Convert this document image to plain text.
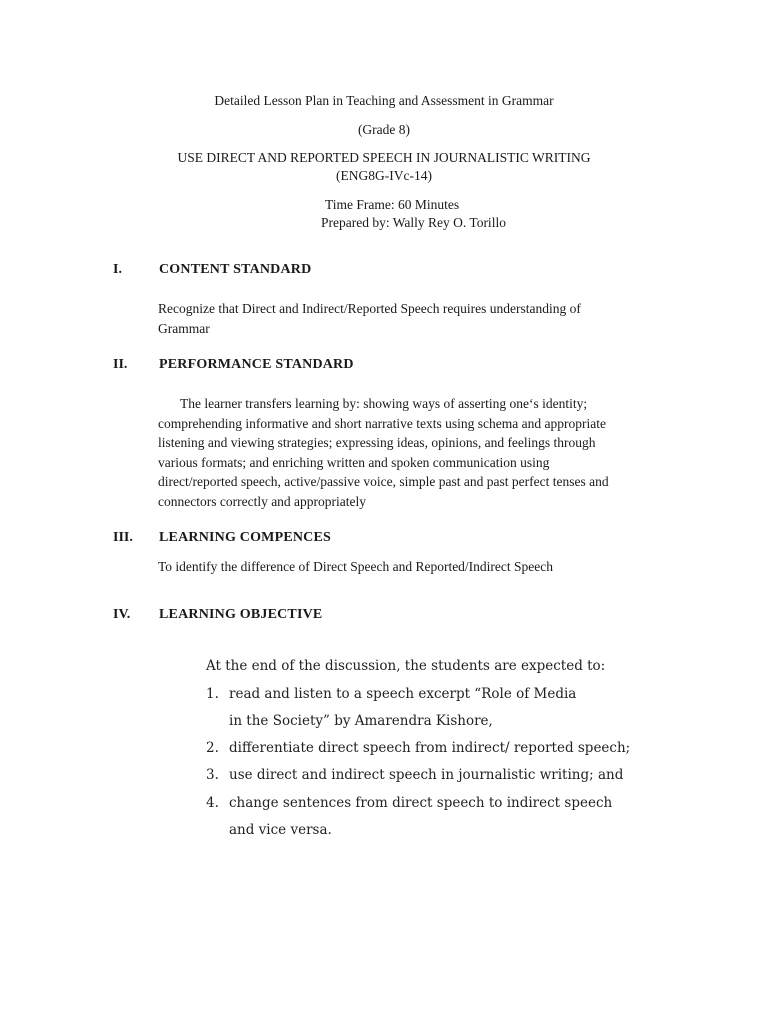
Detailed Lesson Plan in Teaching and Assessment in Grammar
(Grade 8)
USE DIRECT AND REPORTED SPEECH IN JOURNALISTIC WRITING
(ENG8G-IVc-14)
Time Frame: 60 Minutes
Prepared by: Wally Rey O. Torillo
I.	CONTENT STANDARD
Recognize that Direct and Indirect/Reported Speech requires understanding of
Grammar
II. PERFORMANCE STANDARD
The learner transfers learning by: showing ways of asserting one‘s identity;
comprehending informative and short narrative texts using schema and appropriate
listening and viewing strategies; expressing ideas, opinions, and feelings through
various formats; and enriching written and spoken communication using
direct/reported speech, active/passive voice, simple past and past perfect tenses and
connectors correctly and appropriately
III. LEARNING COMPENCES
To identify the difference of Direct Speech and Reported/Indirect Speech
IV. LEARNING OBJECTIVE
At the end of the discussion, the students are expected to:
1. read and listen to a speech excerpt “Role of Media
in the Society” by Amarendra Kishore,
2. differentiate direct speech from indirect/ reported speech;
3. use direct and indirect speech in journalistic writing; and
4. change sentences from direct speech to indirect speech
and vice versa.
